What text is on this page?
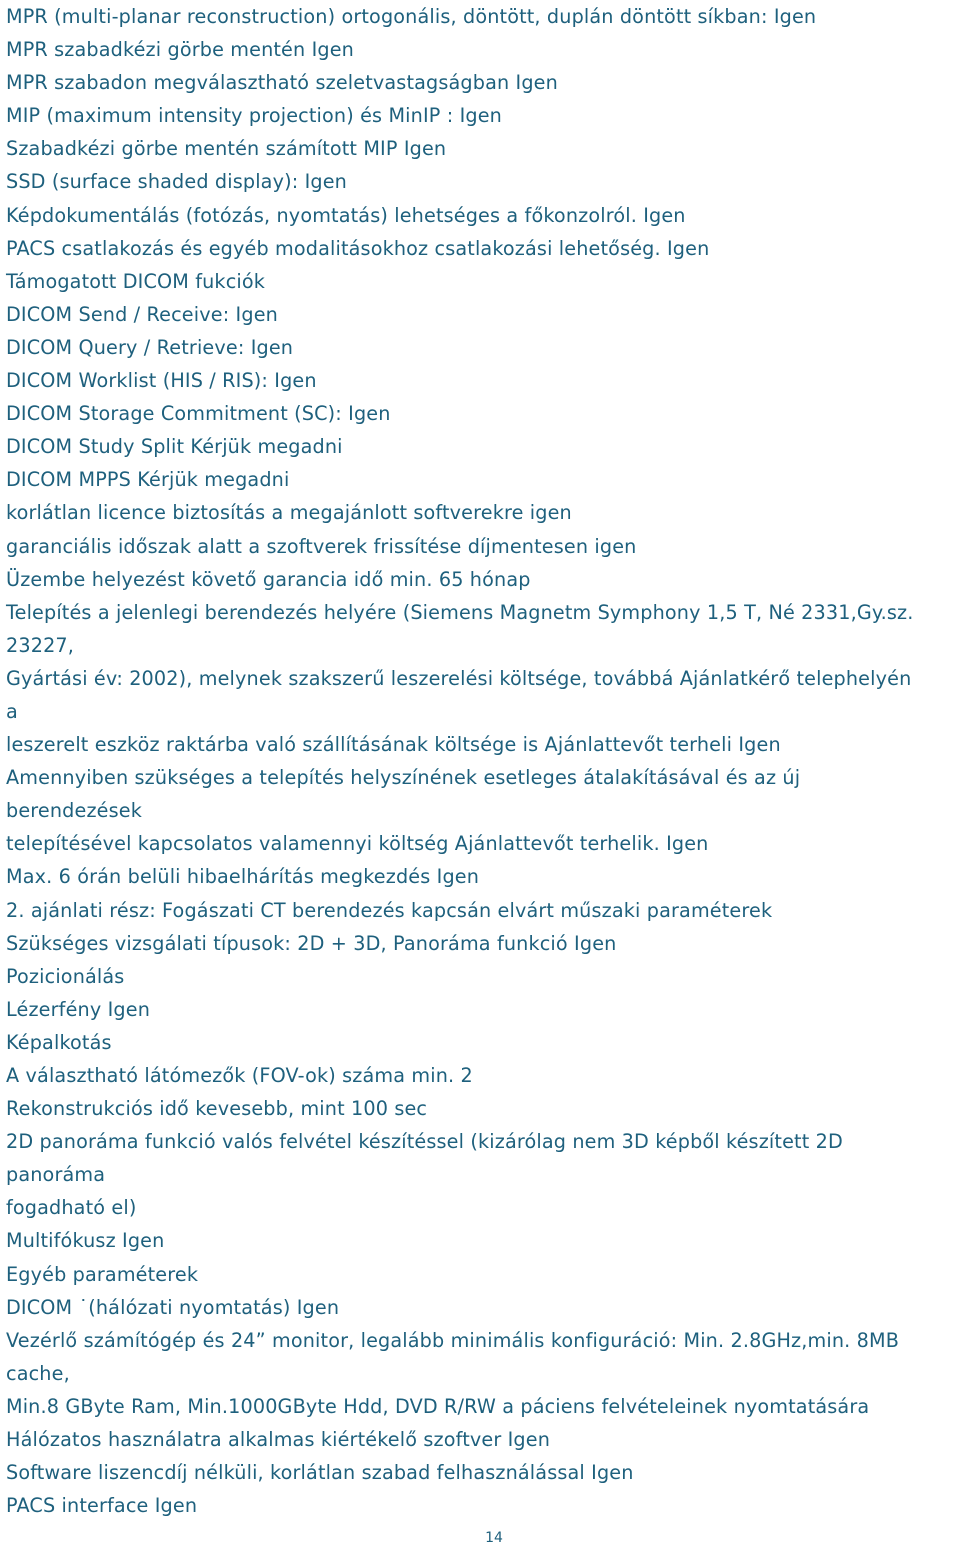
MPR (multi-planar reconstruction) ortogonális, döntött, duplán döntött síkban: Igen
MPR szabadkézi görbe mentén Igen
MPR szabadon megválasztható szeletvastagságban Igen
MIP (maximum intensity projection) és MinIP : Igen
Szabadkézi görbe mentén számított MIP Igen
SSD (surface shaded display): Igen
Képdokumentálás (fotózás, nyomtatás) lehetséges a főkonzolról. Igen
PACS csatlakozás és egyéb modalitásokhoz csatlakozási lehetőség. Igen
Támogatott DICOM fukciók
DICOM Send / Receive: Igen
DICOM Query / Retrieve: Igen
DICOM Worklist (HIS / RIS): Igen
DICOM Storage Commitment (SC): Igen
DICOM Study Split Kérjük megadni
DICOM MPPS Kérjük megadni
korlátlan licence biztosítás a megajánlott softverekre igen
garanciális időszak alatt a szoftverek frissítése díjmentesen igen
Üzembe helyezést követő garancia idő min. 65 hónap
Telepítés a jelenlegi berendezés helyére (Siemens Magnetm Symphony 1,5 T, Né 2331,Gy.sz.
23227,
Gyártási év: 2002), melynek szakszerű leszerelési költsége, továbbá Ajánlatkérő telephelyén
a
leszerelt eszköz raktárba való szállításának költsége is Ajánlattevőt terheli Igen
Amennyiben szükséges a telepítés helyszínének esetleges átalakításával és az új
berendezések
telepítésével kapcsolatos valamennyi költség Ajánlattevőt terhelik. Igen
Max. 6 órán belüli hibaelhárítás megkezdés Igen
2. ajánlati rész: Fogászati CT berendezés kapcsán elvárt műszaki paraméterek
Szükséges vizsgálati típusok: 2D + 3D, Panoráma funkció Igen
Pozicionálás
Lézerfény Igen
Képalkotás
A választható látómezők (FOV-ok) száma min. 2
Rekonstrukciós idő kevesebb, mint 100 sec
2D panoráma funkció valós felvétel készítéssel (kizárólag nem 3D képből készített 2D
panoráma
fogadható el)
Multifókusz Igen
Egyéb paraméterek
DICOM ˙(hálózati nyomtatás) Igen
Vezérlő számítógép és 24” monitor, legalább minimális konfiguráció: Min. 2.8GHz,min. 8MB
cache,
Min.8 GByte Ram, Min.1000GByte Hdd, DVD R/RW a páciens felvételeinek nyomtatására
Hálózatos használatra alkalmas kiértékelő szoftver Igen
Software liszencdíj nélküli, korlátlan szabad felhasználással Igen
PACS interface Igen
14
